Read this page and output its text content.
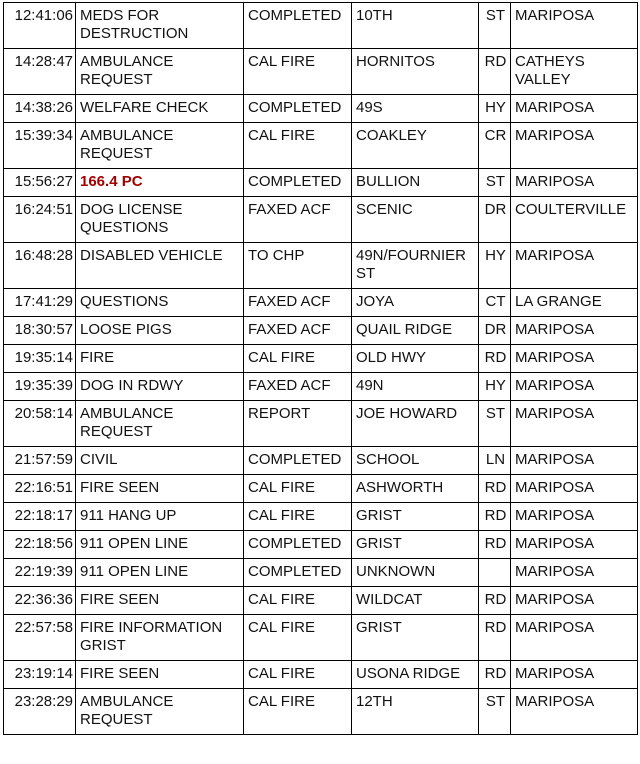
12:41:06	MEDS FOR
DESTRUCTION	COMPLETED	10TH	ST	MARIPOSA
14:28:47	AMBULANCE
REQUEST	CAL FIRE	HORNITOS	RD	CATHEYS
VALLEY
14:38:26	WELFARE CHECK	COMPLETED	49S	HY	MARIPOSA
15:39:34	AMBULANCE
REQUEST	CAL FIRE	COAKLEY	CR	MARIPOSA
15:56:27	166.4 PC	COMPLETED	BULLION	ST	MARIPOSA
16:24:51	DOG LICENSE
QUESTIONS	FAXED ACF	SCENIC	DR	COULTERVILLE
16:48:28	DISABLED VEHICLE	TO CHP	49N/FOURNIER
ST	HY	MARIPOSA
17:41:29	QUESTIONS	FAXED ACF	JOYA	CT	LA GRANGE
18:30:57	LOOSE PIGS	FAXED ACF	QUAIL RIDGE	DR	MARIPOSA
19:35:14	FIRE	CAL FIRE	OLD HWY	RD	MARIPOSA
19:35:39	DOG IN RDWY	FAXED ACF	49N	HY	MARIPOSA
20:58:14	AMBULANCE
REQUEST	REPORT	JOE HOWARD	ST	MARIPOSA
21:57:59	CIVIL	COMPLETED	SCHOOL	LN	MARIPOSA
22:16:51	FIRE SEEN	CAL FIRE	ASHWORTH	RD	MARIPOSA
22:18:17	911 HANG UP	CAL FIRE	GRIST	RD	MARIPOSA
22:18:56	911 OPEN LINE	COMPLETED	GRIST	RD	MARIPOSA
22:19:39	911 OPEN LINE	COMPLETED	UNKNOWN		MARIPOSA
22:36:36	FIRE SEEN	CAL FIRE	WILDCAT	RD	MARIPOSA
22:57:58	FIRE INFORMATION
GRIST	CAL FIRE	GRIST	RD	MARIPOSA
23:19:14	FIRE SEEN	CAL FIRE	USONA RIDGE	RD	MARIPOSA
23:28:29	AMBULANCE
REQUEST	CAL FIRE	12TH	ST	MARIPOSA
